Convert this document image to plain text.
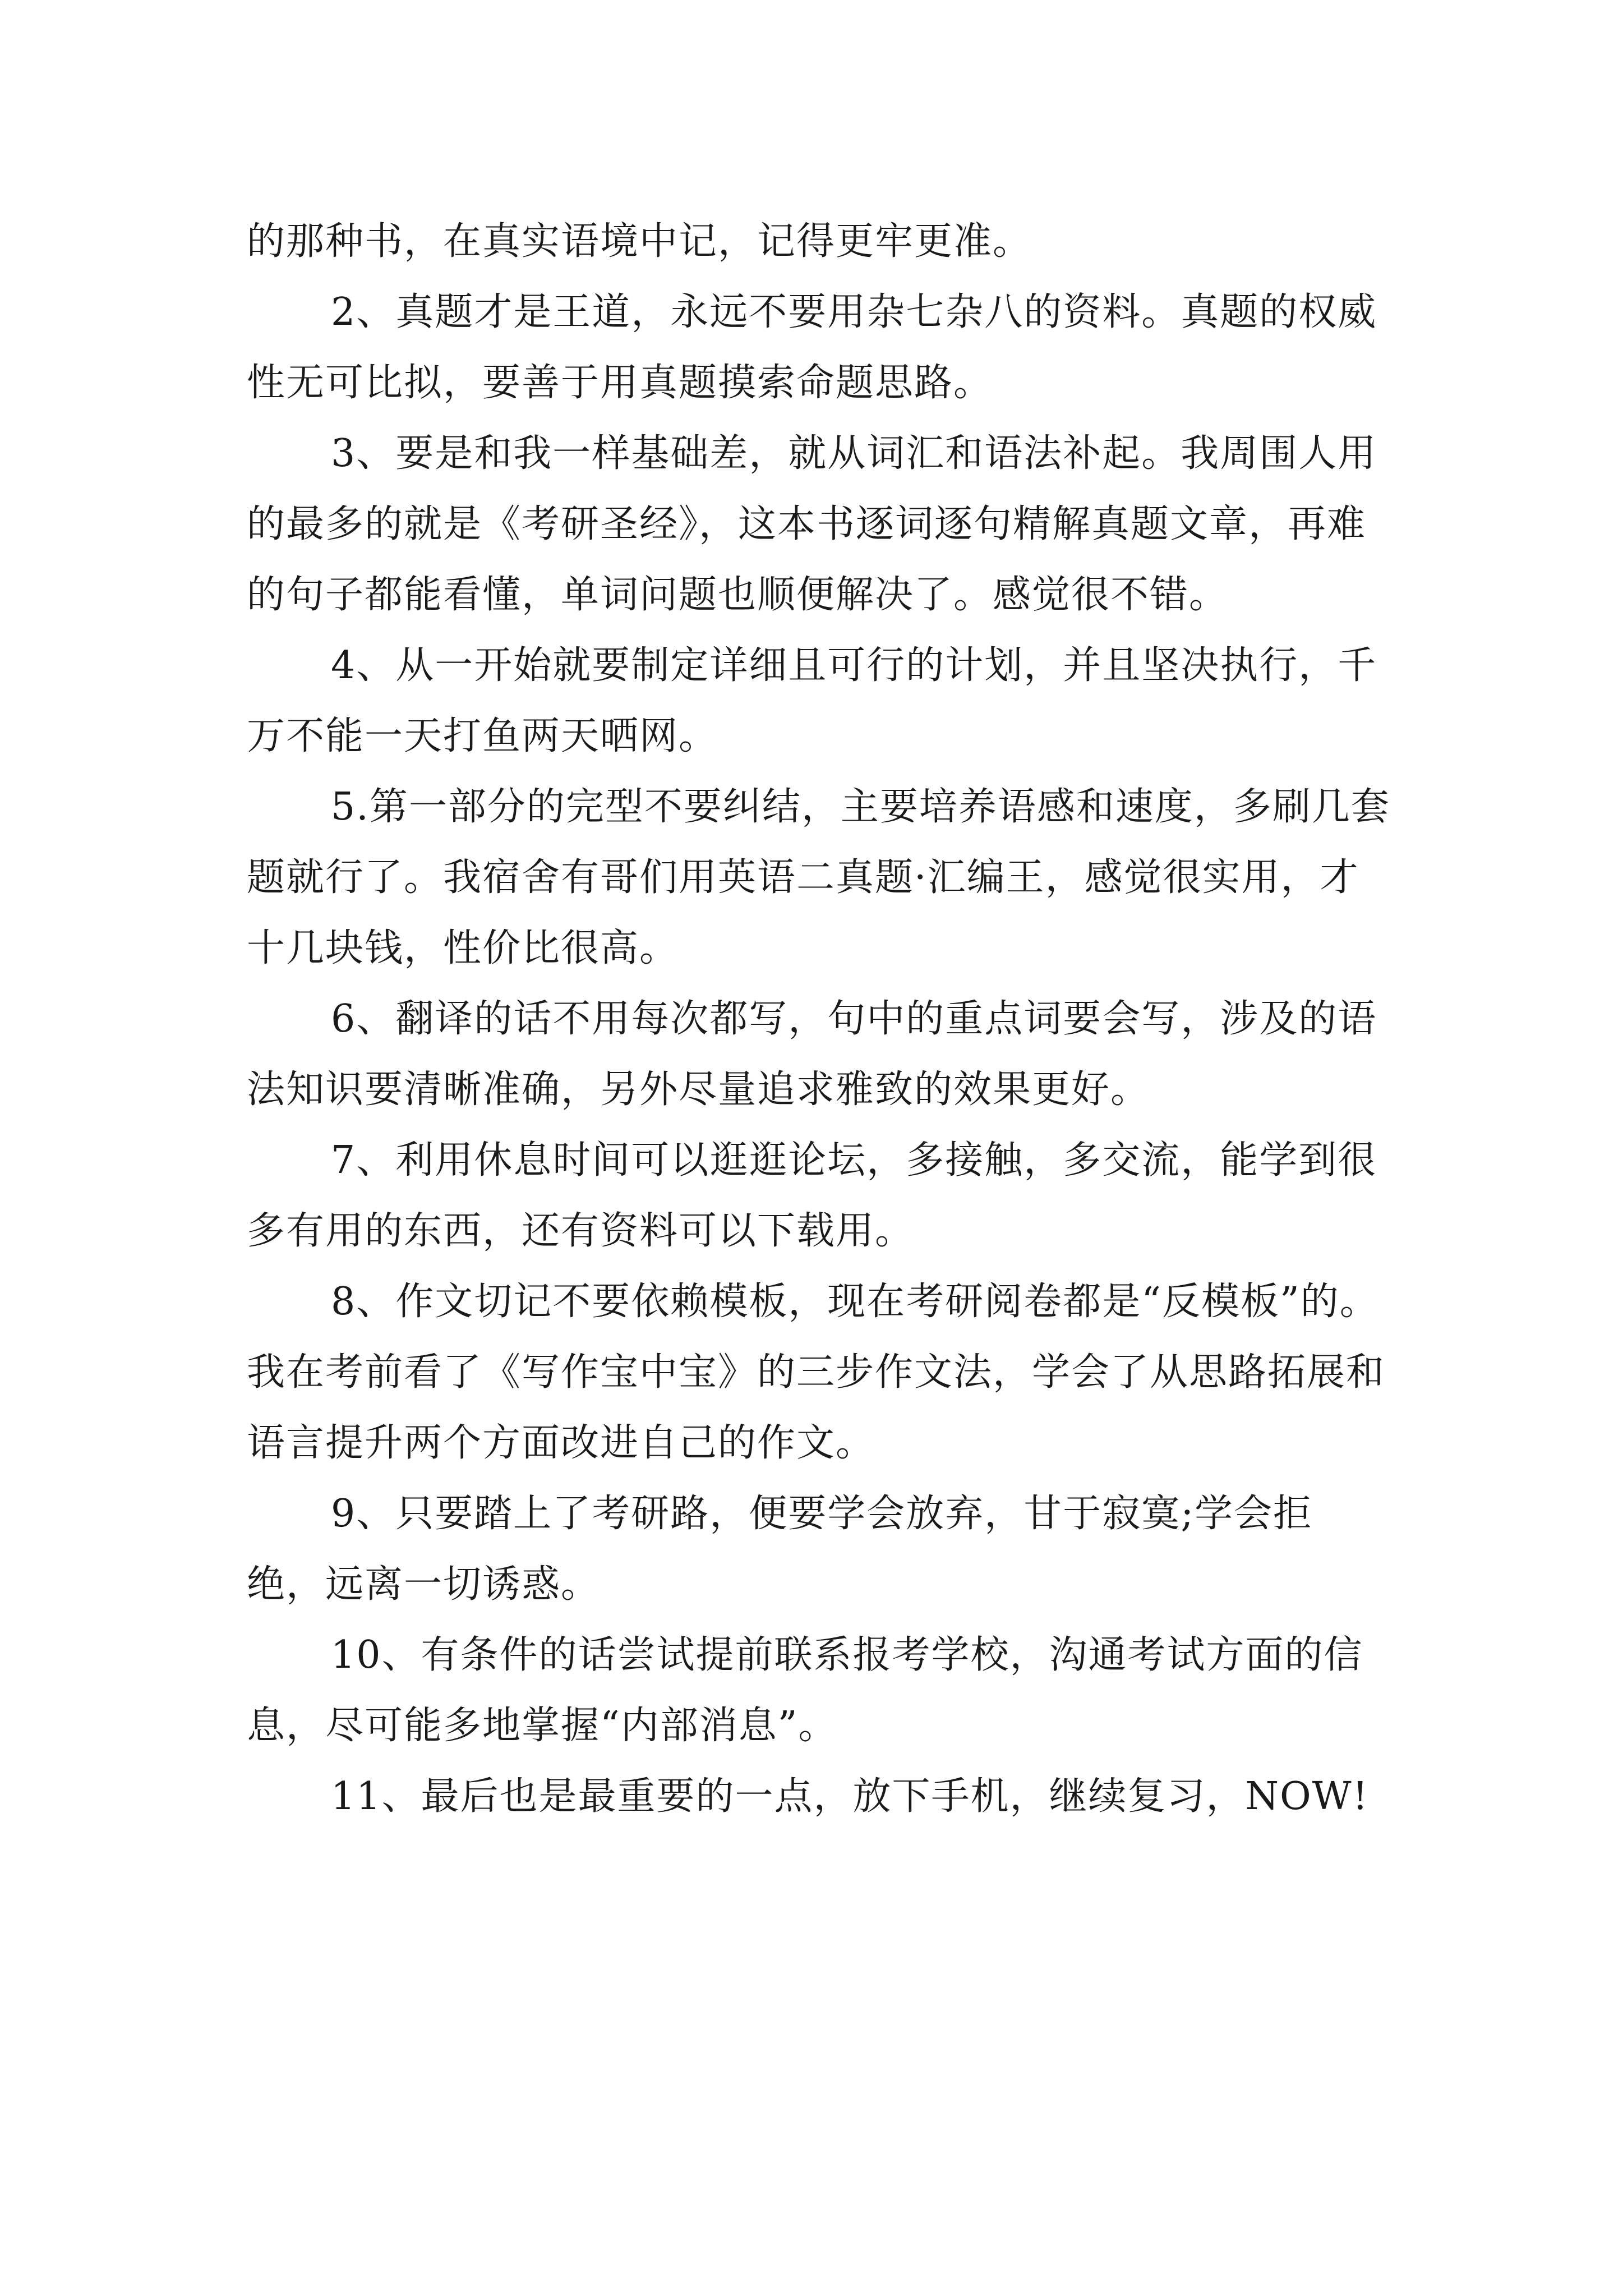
的那种书，在真实语境中记，记得更牢更准。

2、真题才是王道，永远不要用杂七杂八的资料。真题的权威性无可比拟，要善于用真题摸索命题思路。

3、要是和我一样基础差，就从词汇和语法补起。我周围人用的最多的就是《考研圣经》，这本书逐词逐句精解真题文章，再难的句子都能看懂，单词问题也顺便解决了。感觉很不错。

4、从一开始就要制定详细且可行的计划，并且坚决执行，千万不能一天打鱼两天晒网。

5.第一部分的完型不要纠结，主要培养语感和速度，多刷几套题就行了。我宿舍有哥们用英语二真题·汇编王，感觉很实用，才十几块钱，性价比很高。

6、翻译的话不用每次都写，句中的重点词要会写，涉及的语法知识要清晰准确，另外尽量追求雅致的效果更好。

7、利用休息时间可以逛逛论坛，多接触，多交流，能学到很多有用的东西，还有资料可以下载用。

8、作文切记不要依赖模板，现在考研阅卷都是“反模板”的。我在考前看了《写作宝中宝》的三步作文法，学会了从思路拓展和语言提升两个方面改进自己的作文。

9、只要踏上了考研路，便要学会放弃，甘于寂寞;学会拒绝，远离一切诱惑。

10、有条件的话尝试提前联系报考学校，沟通考试方面的信息，尽可能多地掌握“内部消息”。

11、最后也是最重要的一点，放下手机，继续复习，NOW!
